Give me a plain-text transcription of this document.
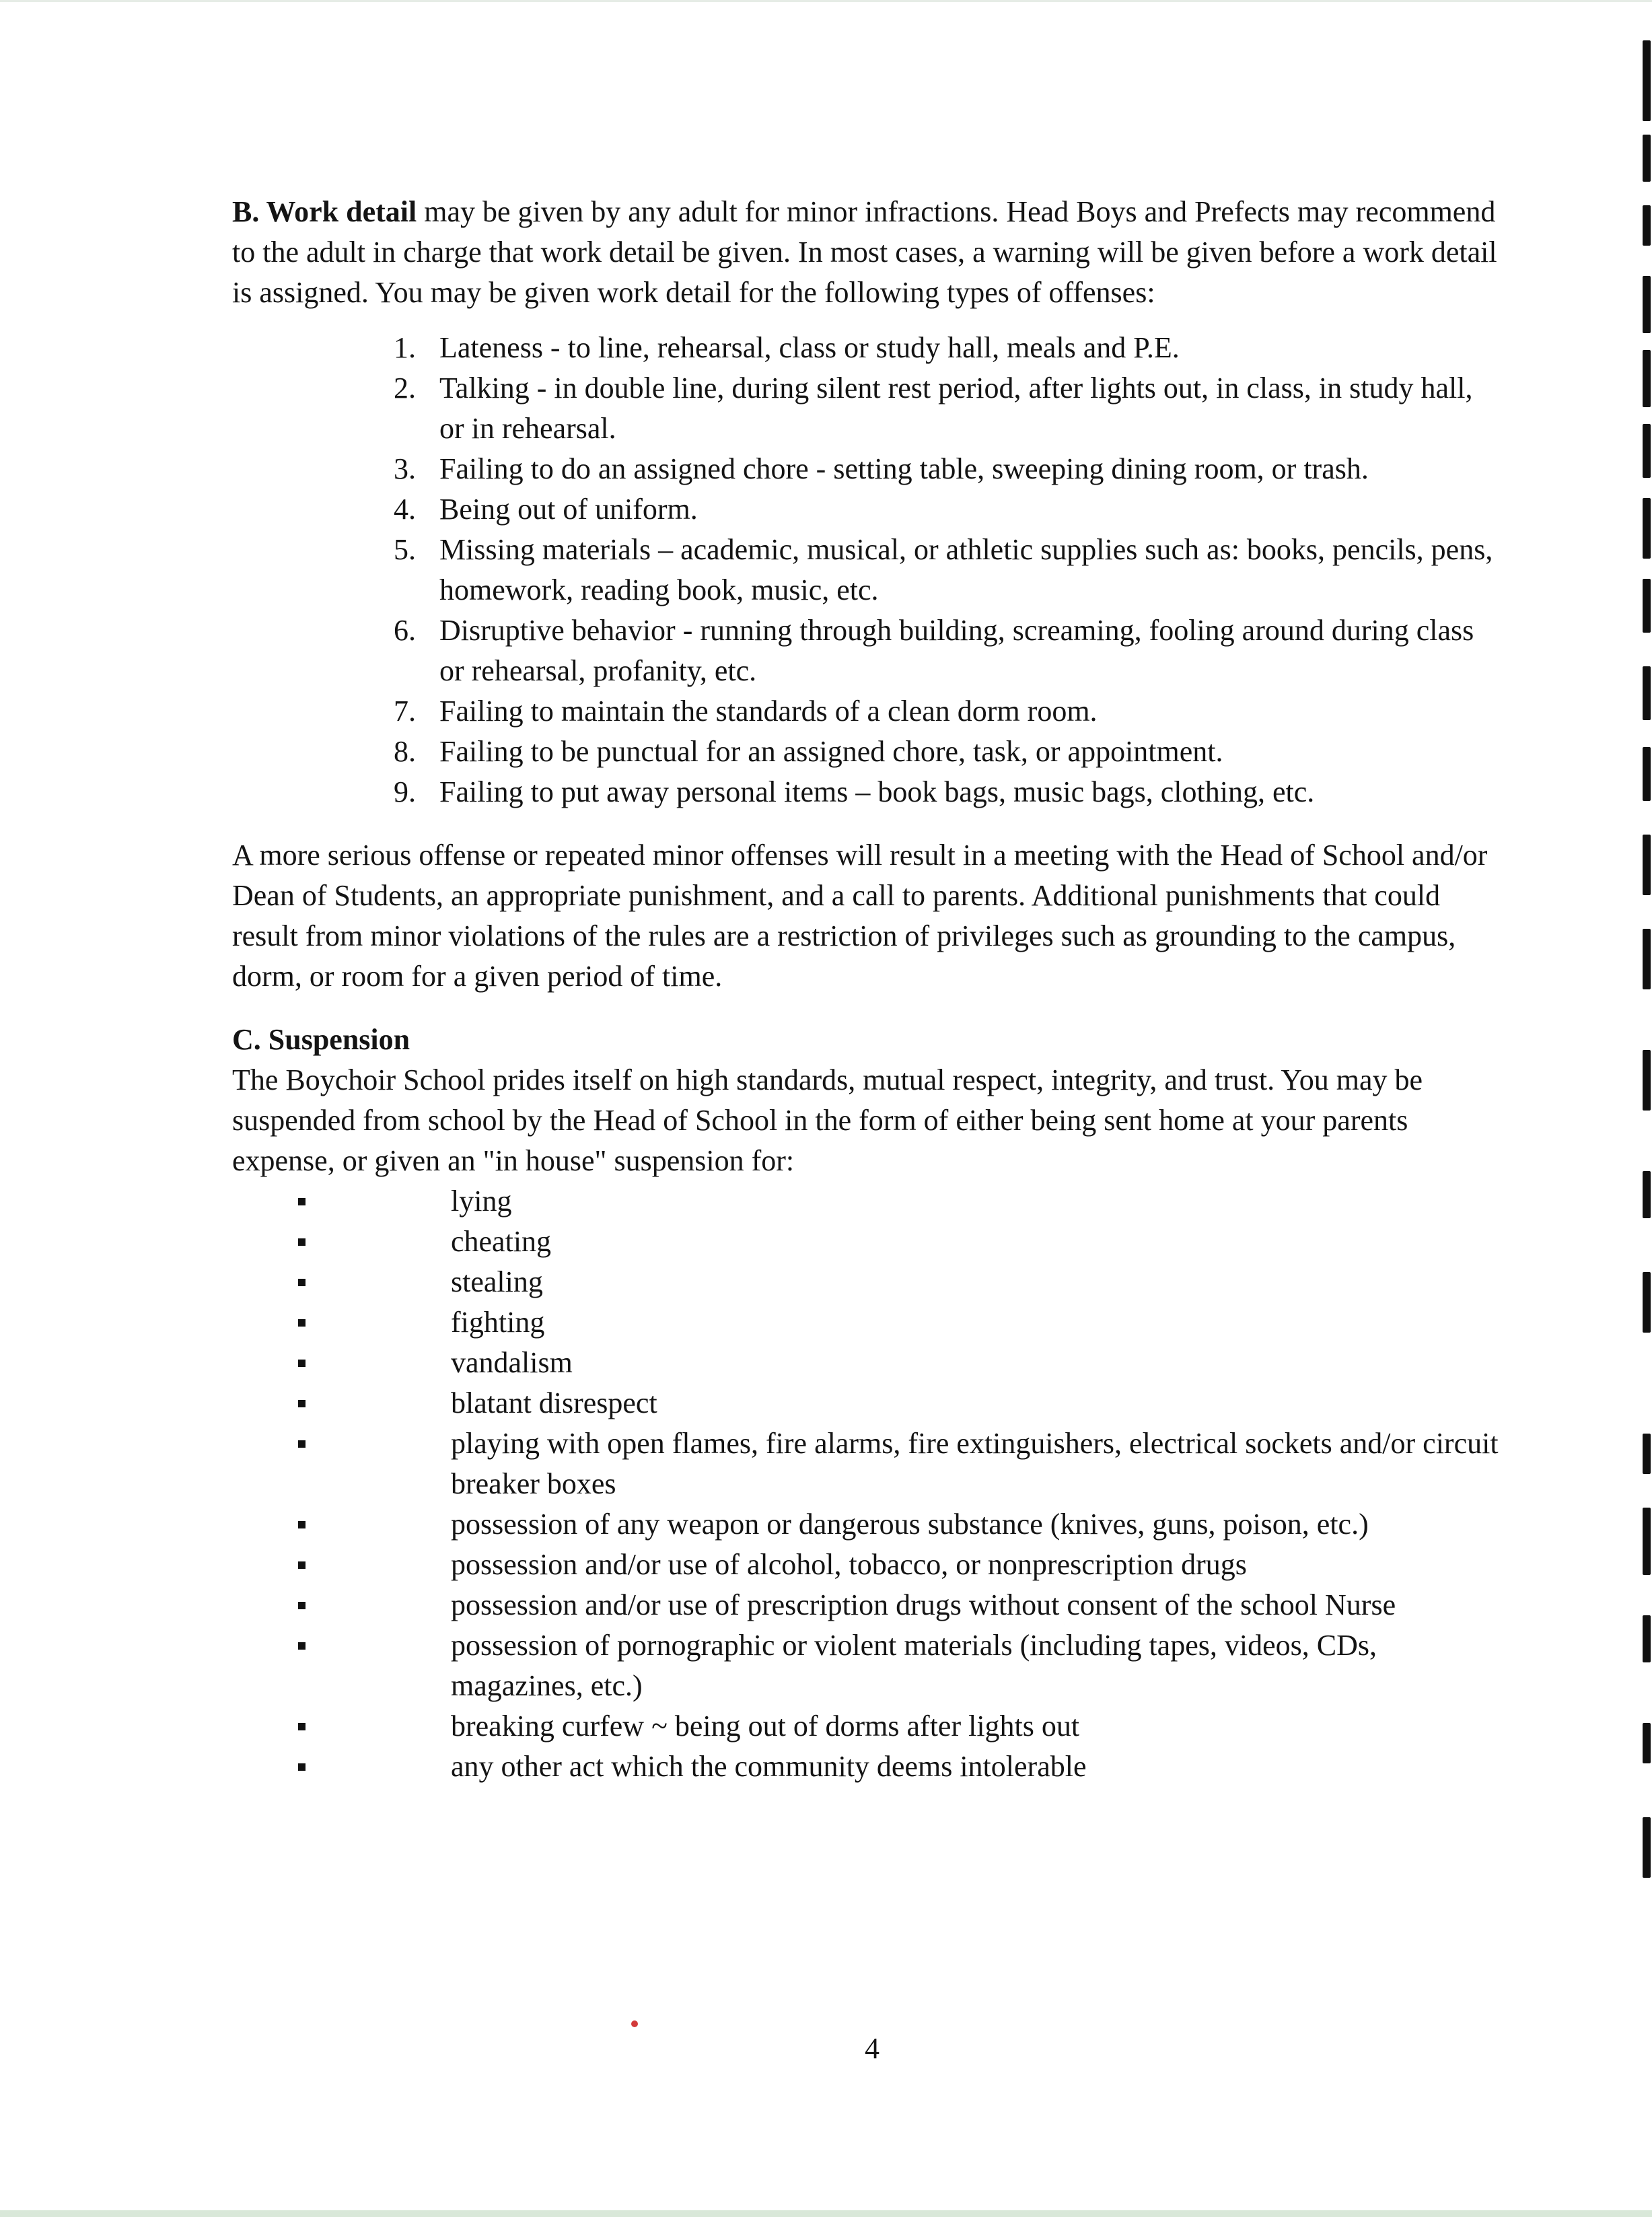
B. Work detail may be given by any adult for minor infractions. Head Boys and Prefects may recommend to the adult in charge that work detail be given. In most cases, a warning will be given before a work detail is assigned. You may be given work detail for the following types of offenses:

1. Lateness - to line, rehearsal, class or study hall, meals and P.E.
2. Talking - in double line, during silent rest period, after lights out, in class, in study hall, or in rehearsal.
3. Failing to do an assigned chore - setting table, sweeping dining room, or trash.
4. Being out of uniform.
5. Missing materials – academic, musical, or athletic supplies such as: books, pencils, pens, homework, reading book, music, etc.
6. Disruptive behavior - running through building, screaming, fooling around during class or rehearsal, profanity, etc.
7. Failing to maintain the standards of a clean dorm room.
8. Failing to be punctual for an assigned chore, task, or appointment.
9. Failing to put away personal items – book bags, music bags, clothing, etc.

A more serious offense or repeated minor offenses will result in a meeting with the Head of School and/or Dean of Students, an appropriate punishment, and a call to parents. Additional punishments that could result from minor violations of the rules are a restriction of privileges such as grounding to the campus, dorm, or room for a given period of time.

C. Suspension

The Boychoir School prides itself on high standards, mutual respect, integrity, and trust. You may be suspended from school by the Head of School in the form of either being sent home at your parents expense, or given an "in house" suspension for:

lying
cheating
stealing
fighting
vandalism
blatant disrespect
playing with open flames, fire alarms, fire extinguishers, electrical sockets and/or circuit breaker boxes
possession of any weapon or dangerous substance (knives, guns, poison, etc.)
possession and/or use of alcohol, tobacco, or nonprescription drugs
possession and/or use of prescription drugs without consent of the school Nurse
possession of pornographic or violent materials (including tapes, videos, CDs, magazines, etc.)
breaking curfew ~ being out of dorms after lights out
any other act which the community deems intolerable
4
